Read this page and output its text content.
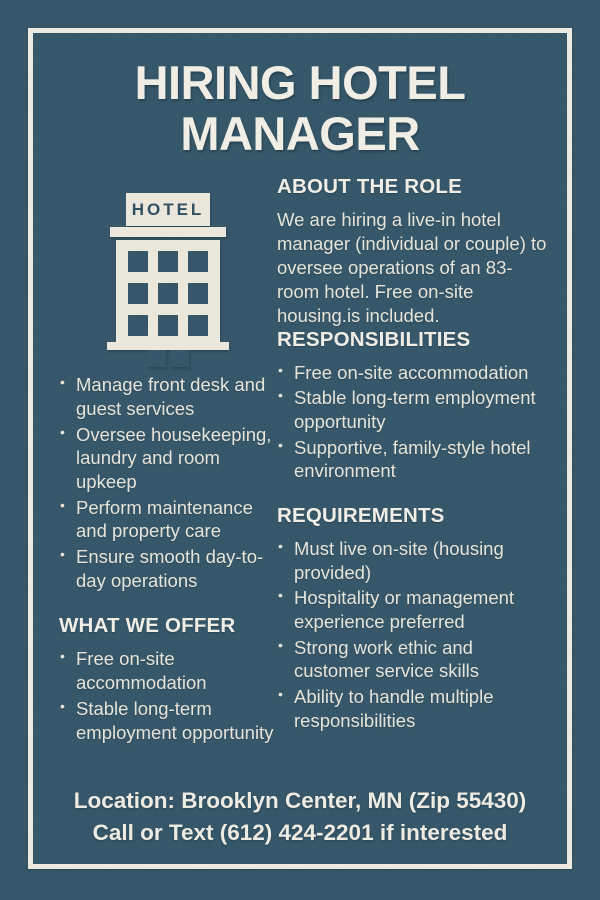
HIRING HOTEL MANAGER
HOTEL
• Manage front desk and guest services
• Oversee housekeeping, laundry and room upkeep
• Perform maintenance and property care
• Ensure smooth day-to-day operations
WHAT WE OFFER
• Free on-site accommodation
• Stable long-term employment opportunity
ABOUT THE ROLE

We are hiring a live-in hotel manager (individual or couple) to oversee operations of an 83-room hotel. Free on-site housing.is included.

RESPONSIBILITIES
• Free on-site accommodation
• Stable long-term employment opportunity
• Supportive, family-style hotel environment
REQUIREMENTS
• Must live on-site (housing provided)
• Hospitality or management experience preferred
• Strong work ethic and customer service skills
• Ability to handle multiple responsibilities
Location: Brooklyn Center, MN (Zip 55430)
Call or Text (612) 424-2201 if interested
